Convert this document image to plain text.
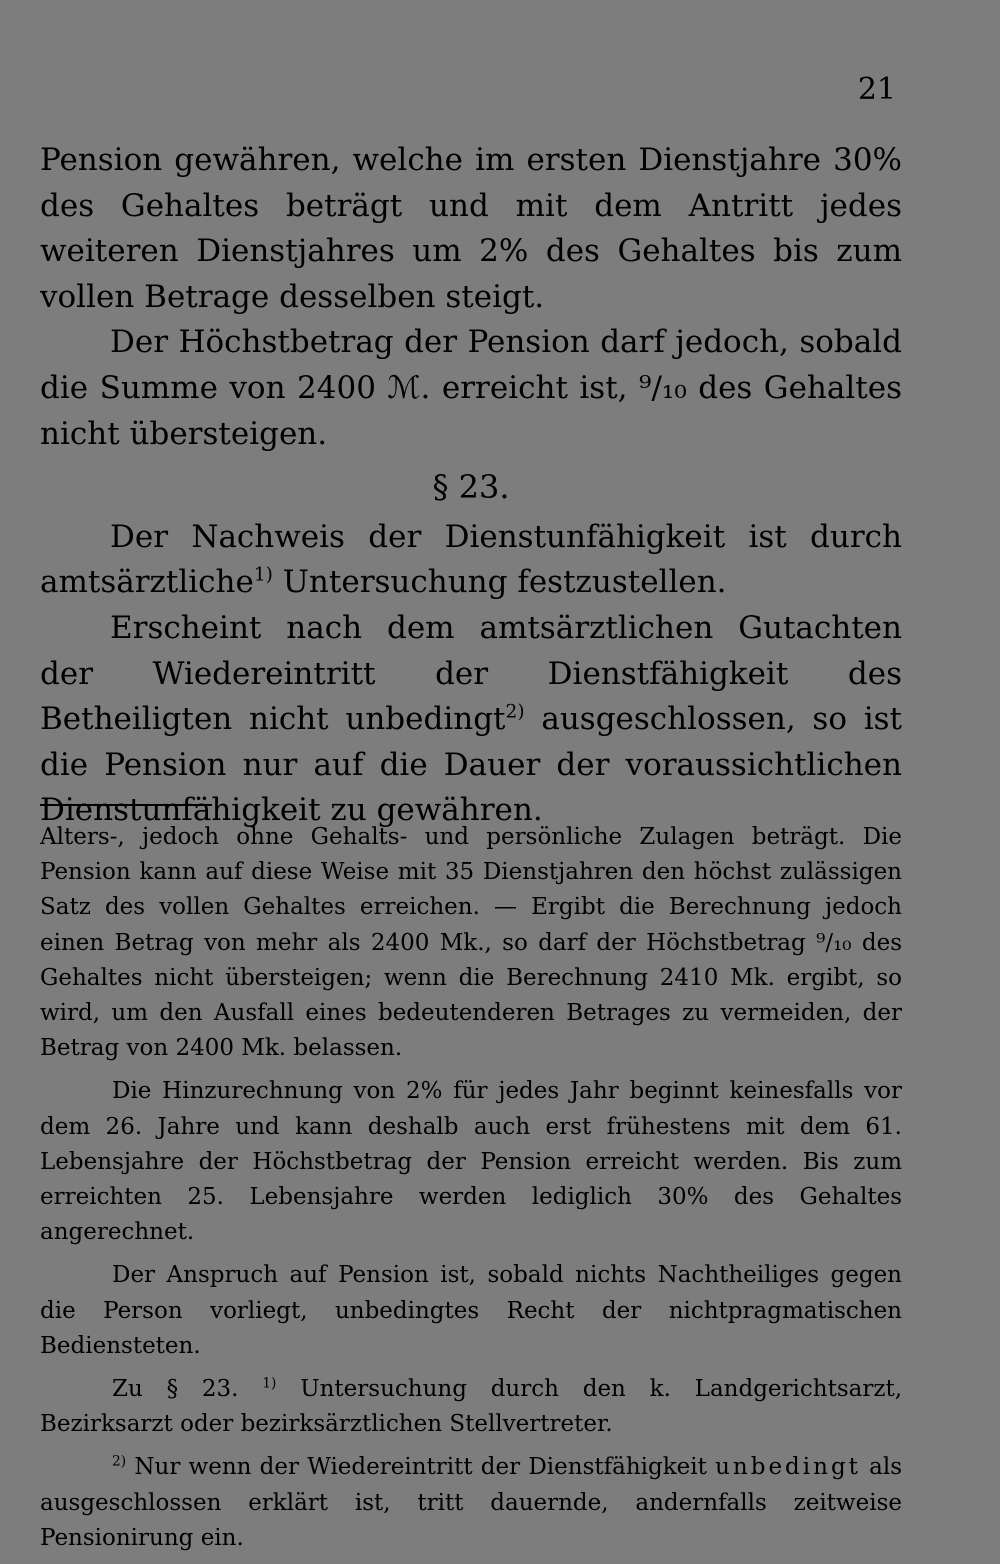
21

Pension gewähren, welche im ersten Dienstjahre 30% des Gehaltes beträgt und mit dem Antritt jedes weiteren Dienstjahres um 2% des Gehaltes bis zum vollen Betrage desselben steigt.

Der Höchstbetrag der Pension darf jedoch, sobald die Summe von 2400 ℳ. erreicht ist, ⁹/₁₀ des Gehaltes nicht übersteigen.

§ 23.

Der Nachweis der Dienstunfähigkeit ist durch amtsärztliche$^{1)}$ Untersuchung festzustellen.

Erscheint nach dem amtsärztlichen Gutachten der Wiedereintritt der Dienstfähigkeit des Betheiligten nicht unbedingt$^{2)}$ ausgeschlossen, so ist die Pension nur auf die Dauer der voraussichtlichen Dienstunfähigkeit zu gewähren.

Alters-, jedoch ohne Gehalts- und persönliche Zulagen beträgt. Die Pension kann auf diese Weise mit 35 Dienstjahren den höchst zulässigen Satz des vollen Gehaltes erreichen. — Ergibt die Berechnung jedoch einen Betrag von mehr als 2400 Mk., so darf der Höchstbetrag ⁹/₁₀ des Gehaltes nicht übersteigen; wenn die Berechnung 2410 Mk. ergibt, so wird, um den Ausfall eines bedeutenderen Betrages zu vermeiden, der Betrag von 2400 Mk. belassen.

Die Hinzurechnung von 2% für jedes Jahr beginnt keinesfalls vor dem 26. Jahre und kann deshalb auch erst frühestens mit dem 61. Lebensjahre der Höchstbetrag der Pension erreicht werden. Bis zum erreichten 25. Lebensjahre werden lediglich 30% des Gehaltes angerechnet.

Der Anspruch auf Pension ist, sobald nichts Nachtheiliges gegen die Person vorliegt, unbedingtes Recht der nichtpragmatischen Bediensteten.

Zu § 23. $^{1)}$ Untersuchung durch den k. Landgerichtsarzt, Bezirksarzt oder bezirksärztlichen Stellvertreter.

$^{2)}$ Nur wenn der Wiedereintritt der Dienstfähigkeit unbedingt als ausgeschlossen erklärt ist, tritt dauernde, andernfalls zeitweise Pensionirung ein.
